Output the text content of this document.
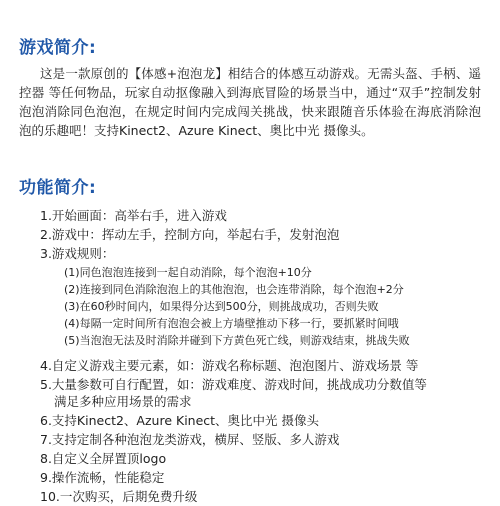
游戏简介:

这是一款原创的【体感+泡泡龙】相结合的体感互动游戏。无需头盔、手柄、遥控器 等任何物品，玩家自动抠像融入到海底冒险的场景当中，通过“双手”控制发射泡泡消除同色泡泡，在规定时间内完成闯关挑战，快来跟随音乐体验在海底消除泡泡的乐趣吧！支持Kinect2、Azure Kinect、奥比中光 摄像头。

功能简介:
1.开始画面：高举右手，进入游戏
2.游戏中：挥动左手，控制方向，举起右手，发射泡泡
3.游戏规则：
(1)同色泡泡连接到一起自动消除，每个泡泡+10分
(2)连接到同色消除泡泡上的其他泡泡，也会连带消除，每个泡泡+2分
(3)在60秒时间内，如果得分达到500分，则挑战成功，否则失败
(4)每隔一定时间所有泡泡会被上方墙壁推动下移一行，要抓紧时间哦
(5)当泡泡无法及时消除并碰到下方黄色死亡线，则游戏结束，挑战失败
4.自定义游戏主要元素，如：游戏名称标题、泡泡图片、游戏场景 等
5.大量参数可自行配置，如：游戏难度、游戏时间，挑战成功分数值等
满足多种应用场景的需求
6.支持Kinect2、Azure Kinect、奥比中光 摄像头
7.支持定制各种泡泡龙类游戏，横屏、竖版、多人游戏
8.自定义全屏置顶logo
9.操作流畅，性能稳定
10.一次购买，后期免费升级
